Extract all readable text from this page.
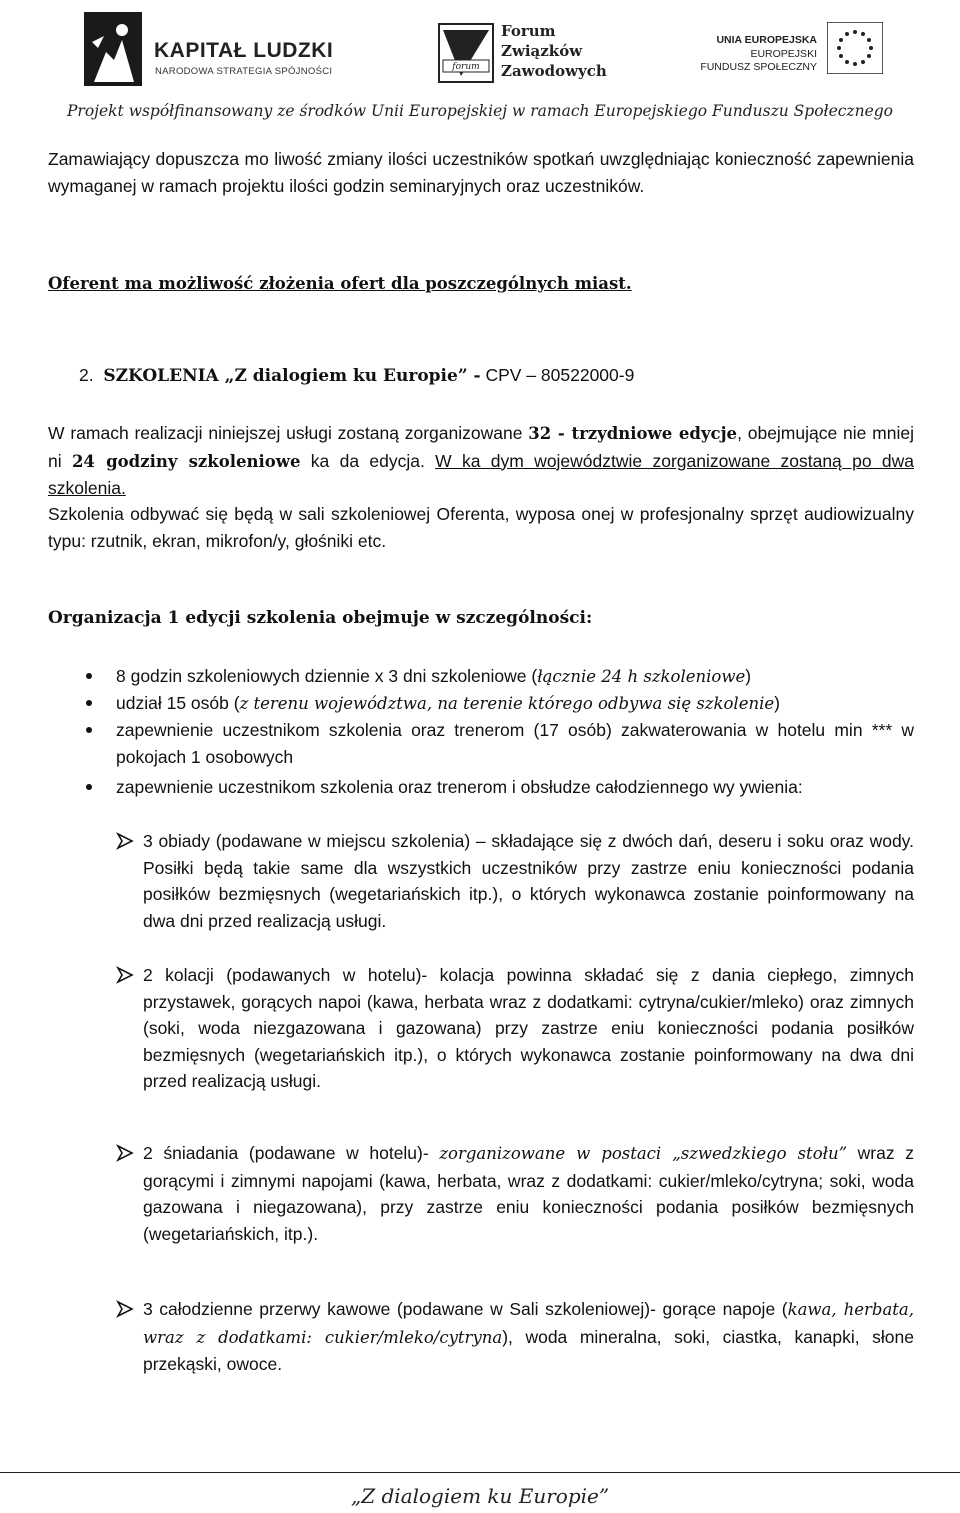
KAPITAŁ LUDZKI
NARODOWA STRATEGIA SPÓJNOŚCI	forum
Forum
Związków
Zawodowych
UNIA EUROPEJSKA
EUROPEJSKI
FUNDUSZ SPOŁECZNY
Projekt współfinansowany ze środków Unii Europejskiej w ramach Europejskiego Funduszu Społecznego
Zamawiający dopuszcza mo liwość zmiany ilości uczestników spotkań uwzględniając konieczność zapewnienia wymaganej w ramach projektu ilości godzin seminaryjnych oraz uczestników.
Oferent ma możliwość złożenia ofert dla poszczególnych miast.
2. SZKOLENIA „Z dialogiem ku Europie” - CPV – 80522000-9
W ramach realizacji niniejszej usługi zostaną zorganizowane 32 - trzydniowe edycje, obejmujące nie mniej ni 24 godziny szkoleniowe ka da edycja. W ka dym województwie zorganizowane zostaną po dwa szkolenia.
Szkolenia odbywać się będą w sali szkoleniowej Oferenta, wyposa onej w profesjonalny sprzęt audiowizualny typu: rzutnik, ekran, mikrofon/y, głośniki etc.
Organizacja 1 edycji szkolenia obejmuje w szczególności:
8 godzin szkoleniowych dziennie x 3 dni szkoleniowe (łącznie 24 h szkoleniowe)
udział 15 osób (z terenu województwa, na terenie którego odbywa się szkolenie)
zapewnienie uczestnikom szkolenia oraz trenerom (17 osób) zakwaterowania w hotelu min *** w pokojach 1 osobowych
zapewnienie uczestnikom szkolenia oraz trenerom i obsłudze całodziennego wy ywienia:
3 obiady (podawane w miejscu szkolenia) – składające się z dwóch dań, deseru i soku oraz wody. Posiłki będą takie same dla wszystkich uczestników przy zastrze eniu konieczności podania posiłków bezmięsnych (wegetariańskich itp.), o których wykonawca zostanie poinformowany na dwa dni przed realizacją usługi.
2 kolacji (podawanych w hotelu)- kolacja powinna składać się z dania ciepłego, zimnych przystawek, gorących napoi (kawa, herbata wraz z dodatkami: cytryna/cukier/mleko) oraz zimnych (soki, woda niezgazowana i gazowana) przy zastrze eniu konieczności podania posiłków bezmięsnych (wegetariańskich itp.), o których wykonawca zostanie poinformowany na dwa dni przed realizacją usługi.
2 śniadania (podawane w hotelu)- zorganizowane w postaci „szwedzkiego stołu” wraz z gorącymi i zimnymi napojami (kawa, herbata, wraz z dodatkami: cukier/mleko/cytryna; soki, woda gazowana i niegazowana), przy zastrze eniu konieczności podania posiłków bezmięsnych (wegetariańskich, itp.).
3 całodzienne przerwy kawowe (podawane w Sali szkoleniowej)- gorące napoje (kawa, herbata, wraz z dodatkami: cukier/mleko/cytryna), woda mineralna, soki, ciastka, kanapki, słone przekąski, owoce.
„Z dialogiem ku Europie”
